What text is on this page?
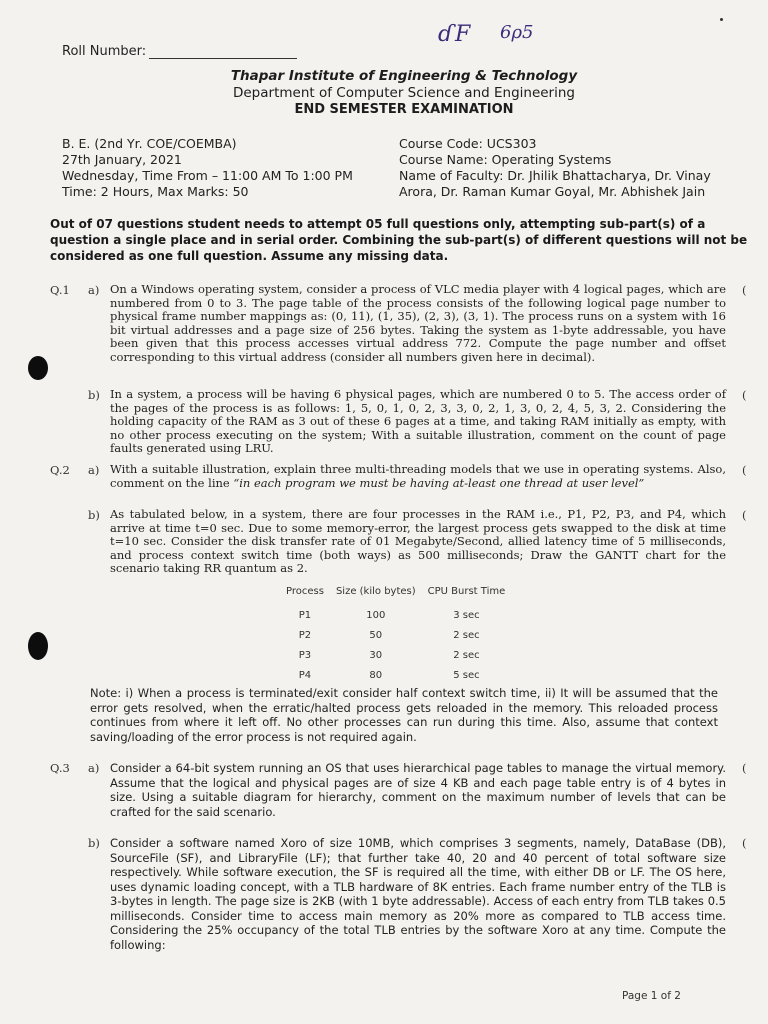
Roll Number:
ɗF 6ρ5
Thapar Institute of Engineering & Technology
Department of Computer Science and Engineering
END SEMESTER EXAMINATION
B. E. (2nd Yr. COE/COEMBA)
27th January, 2021
Wednesday, Time From – 11:00 AM To 1:00 PM
Time: 2 Hours, Max Marks: 50
Course Code: UCS303
Course Name: Operating Systems
Name of Faculty: Dr. Jhilik Bhattacharya, Dr. Vinay
Arora, Dr. Raman Kumar Goyal, Mr. Abhishek Jain
Out of 07 questions student needs to attempt 05 full questions only, attempting sub-part(s) of a question a single place and in serial order. Combining the sub-part(s) of different questions will not be considered as one full question. Assume any missing data.
Q.1 a) On a Windows operating system, consider a process of VLC media player with 4 logical pages, which are numbered from 0 to 3. The page table of the process consists of the following logical page number to physical frame number mappings as: (0, 11), (1, 35), (2, 3), (3, 1). The process runs on a system with 16 bit virtual addresses and a page size of 256 bytes. Taking the system as 1-byte addressable, you have been given that this process accesses virtual address 772. Compute the page number and offset corresponding to this virtual address (consider all numbers given here in decimal).
(
b) In a system, a process will be having 6 physical pages, which are numbered 0 to 5. The access order of the pages of the process is as follows: 1, 5, 0, 1, 0, 2, 3, 3, 0, 2, 1, 3, 0, 2, 4, 5, 3, 2. Considering the holding capacity of the RAM as 3 out of these 6 pages at a time, and taking RAM initially as empty, with no other process executing on the system; With a suitable illustration, comment on the count of page faults generated using LRU.
(
Q.2 a) With a suitable illustration, explain three multi-threading models that we use in operating systems. Also, comment on the line “in each program we must be having at-least one thread at user level”
(
b) As tabulated below, in a system, there are four processes in the RAM i.e., P1, P2, P3, and P4, which arrive at time t=0 sec. Due to some memory-error, the largest process gets swapped to the disk at time t=10 sec. Consider the disk transfer rate of 01 Megabyte/Second, allied latency time of 5 milliseconds, and process context switch time (both ways) as 500 milliseconds; Draw the GANTT chart for the scenario taking RR quantum as 2.
(
Process	Size (kilo bytes)	CPU Burst Time
P1	100	3 sec
P2	50	2 sec
P3	30	2 sec
P4	80	5 sec
Note: i) When a process is terminated/exit consider half context switch time, ii) It will be assumed that the error gets resolved, when the erratic/halted process gets reloaded in the memory. This reloaded process continues from where it left off. No other processes can run during this time. Also, assume that context saving/loading of the error process is not required again.
Q.3 a) Consider a 64-bit system running an OS that uses hierarchical page tables to manage the virtual memory. Assume that the logical and physical pages are of size 4 KB and each page table entry is of 4 bytes in size. Using a suitable diagram for hierarchy, comment on the maximum number of levels that can be crafted for the said scenario.
(
b) Consider a software named Xoro of size 10MB, which comprises 3 segments, namely, DataBase (DB), SourceFile (SF), and LibraryFile (LF); that further take 40, 20 and 40 percent of total software size respectively. While software execution, the SF is required all the time, with either DB or LF. The OS here, uses dynamic loading concept, with a TLB hardware of 8K entries. Each frame number entry of the TLB is 3-bytes in length. The page size is 2KB (with 1 byte addressable). Access of each entry from TLB takes 0.5 milliseconds. Consider time to access main memory as 20% more as compared to TLB access time. Considering the 25% occupancy of the total TLB entries by the software Xoro at any time. Compute the following:
(
Page 1 of 2
